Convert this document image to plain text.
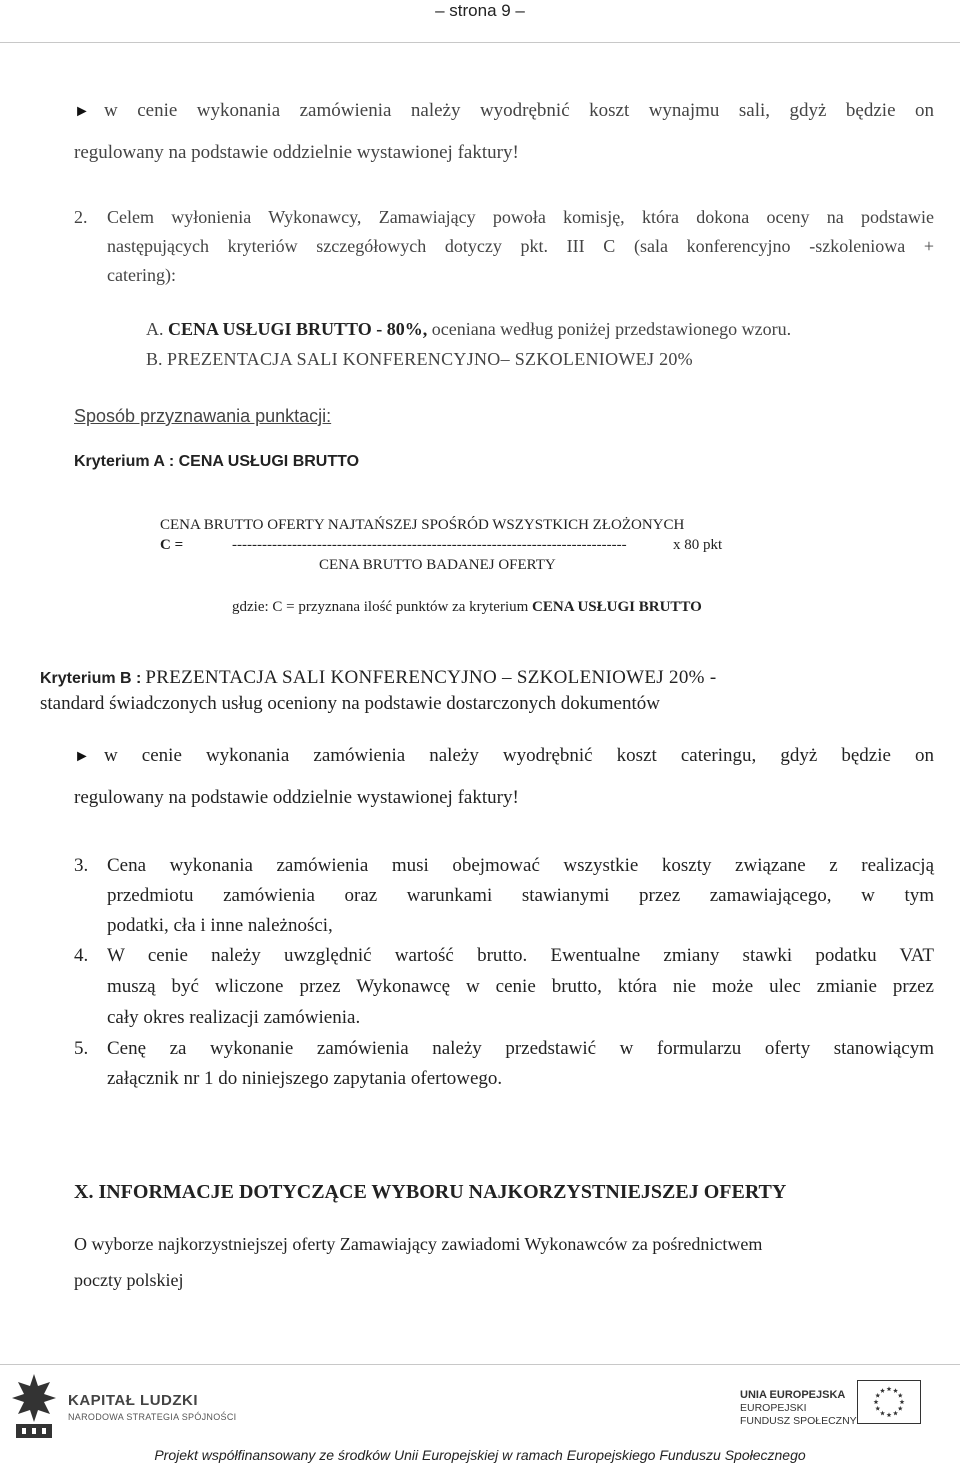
– strona 9 –
► w cenie wykonania zamówienia należy wyodrębnić koszt wynajmu sali, gdyż będzie on
regulowany na podstawie oddzielnie wystawionej faktury!
2. Celem wyłonienia Wykonawcy, Zamawiający powoła komisję, która dokona oceny na podstawie
następujących kryteriów szczegółowych dotyczy pkt. III C (sala konferencyjno -szkoleniowa +
catering):
A. CENA USŁUGI BRUTTO - 80%, oceniana według poniżej przedstawionego wzoru.
B. PREZENTACJA SALI KONFERENCYJNO– SZKOLENIOWEJ 20%
Sposób przyznawania punktacji:
Kryterium A : CENA USŁUGI BRUTTO
CENA BRUTTO OFERTY NAJTAŃSZEJ SPOŚRÓD WSZYSTKICH ZŁOŻONYCH
C =	-------------------------------------------------------------------------------	x 80 pkt
CENA BRUTTO BADANEJ OFERTY
gdzie: C = przyznana ilość punktów za kryterium CENA USŁUGI BRUTTO
Kryterium B : PREZENTACJA SALI KONFERENCYJNO – SZKOLENIOWEJ 20% -
standard świadczonych usług oceniony na podstawie dostarczonych dokumentów
► w cenie wykonania zamówienia należy wyodrębnić koszt cateringu, gdyż będzie on
regulowany na podstawie oddzielnie wystawionej faktury!
3. Cena wykonania zamówienia musi obejmować wszystkie koszty związane z realizacją
przedmiotu zamówienia oraz warunkami stawianymi przez zamawiającego, w tym
podatki, cła i inne należności,
4. W cenie należy uwzględnić wartość brutto. Ewentualne zmiany stawki podatku VAT
muszą być wliczone przez Wykonawcę w cenie brutto, która nie może ulec zmianie przez
cały okres realizacji zamówienia.
5. Cenę za wykonanie zamówienia należy przedstawić w formularzu oferty stanowiącym
załącznik nr 1 do niniejszego zapytania ofertowego.
X. INFORMACJE DOTYCZĄCE WYBORU NAJKORZYSTNIEJSZEJ OFERTY
O wyborze najkorzystniejszej oferty Zamawiający zawiadomi Wykonawców za pośrednictwem
poczty polskiej
KAPITAŁ LUDZKI
NARODOWA STRATEGIA SPÓJNOŚCI
UNIA EUROPEJSKA
EUROPEJSKI
FUNDUSZ SPOŁECZNY
Projekt współfinansowany ze środków Unii Europejskiej w ramach Europejskiego Funduszu Społecznego
